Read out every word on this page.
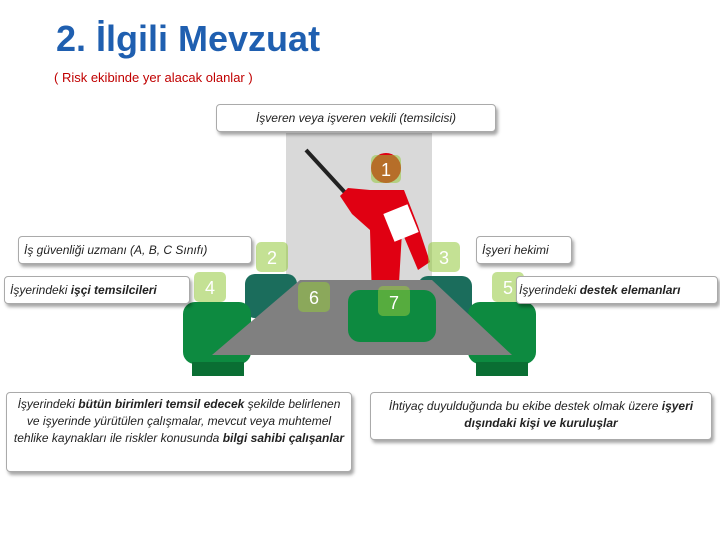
2. İlgili Mevzuat
( Risk ekibinde yer alacak olanlar )
1
2	3
4	5
6	7
İşveren veya işveren vekili (temsilcisi)
İş güvenliği uzmanı (A, B, C Sınıfı)
İşyerindeki işçi temsilcileri
İşyeri hekimi
İşyerindeki destek elemanları
İşyerindeki bütün birimleri temsil edecek şekilde belirlenen ve işyerinde yürütülen çalışmalar, mevcut veya muhtemel tehlike kaynakları ile riskler konusunda bilgi sahibi çalışanlar
İhtiyaç duyulduğunda bu ekibe destek olmak üzere işyeri dışındaki kişi ve kuruluşlar
